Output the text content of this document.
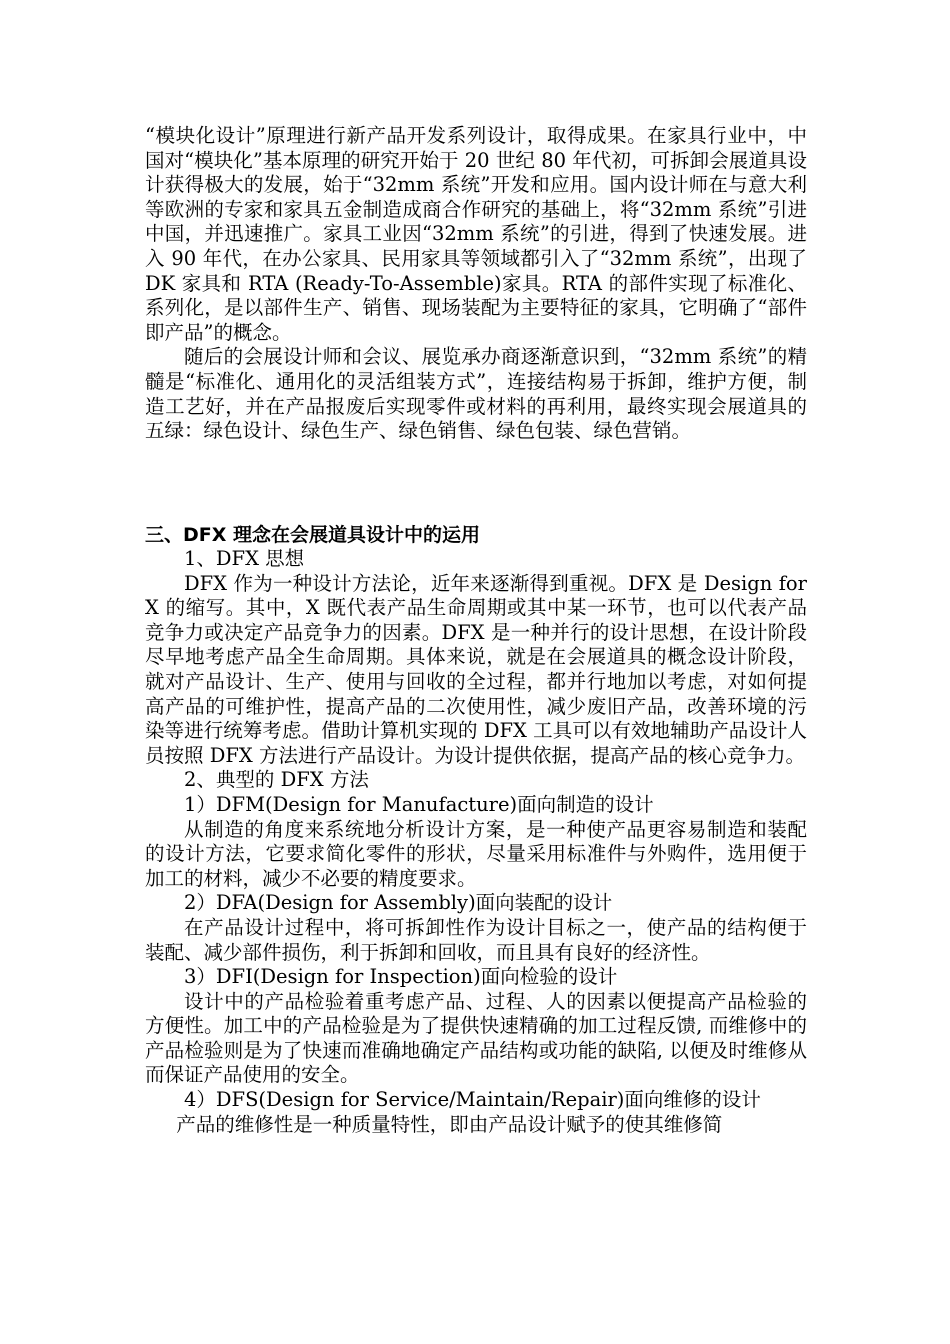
“模块化设计”原理进行新产品开发系列设计，取得成果。在家具行业中，中国对“模块化”基本原理的研究开始于 20 世纪 80 年代初，可拆卸会展道具设计获得极大的发展，始于“32mm 系统”开发和应用。国内设计师在与意大利等欧洲的专家和家具五金制造成商合作研究的基础上，将“32mm 系统”引进中国，并迅速推广。家具工业因“32mm 系统”的引进，得到了快速发展。进入 90 年代，在办公家具、民用家具等领域都引入了“32mm 系统”，出现了 DK 家具和 RTA (Ready-To-Assemble)家具。RTA 的部件实现了标准化、系列化，是以部件生产、销售、现场装配为主要特征的家具，它明确了“部件即产品”的概念。

随后的会展设计师和会议、展览承办商逐渐意识到，“32mm 系统”的精髓是“标准化、通用化的灵活组装方式”，连接结构易于拆卸，维护方便，制造工艺好，并在产品报废后实现零件或材料的再利用，最终实现会展道具的五绿：绿色设计、绿色生产、绿色销售、绿色包装、绿色营销。

三、DFX 理念在会展道具设计中的运用

1、DFX 思想

DFX 作为一种设计方法论，近年来逐渐得到重视。DFX 是 Design for X 的缩写。其中，X 既代表产品生命周期或其中某一环节，也可以代表产品竞争力或决定产品竞争力的因素。DFX 是一种并行的设计思想，在设计阶段尽早地考虑产品全生命周期。具体来说，就是在会展道具的概念设计阶段，就对产品设计、生产、使用与回收的全过程，都并行地加以考虑，对如何提高产品的可维护性，提高产品的二次使用性，减少废旧产品，改善环境的污染等进行统筹考虑。借助计算机实现的 DFX 工具可以有效地辅助产品设计人员按照 DFX 方法进行产品设计。为设计提供依据，提高产品的核心竞争力。

2、典型的 DFX 方法

1）DFM(Design for Manufacture)面向制造的设计

从制造的角度来系统地分析设计方案，是一种使产品更容易制造和装配的设计方法，它要求简化零件的形状，尽量采用标准件与外购件，选用便于加工的材料，减少不必要的精度要求。

2）DFA(Design for Assembly)面向装配的设计

在产品设计过程中，将可拆卸性作为设计目标之一，使产品的结构便于装配、减少部件损伤，利于拆卸和回收，而且具有良好的经济性。

3）DFI(Design for Inspection)面向检验的设计

设计中的产品检验着重考虑产品、过程、人的因素以便提高产品检验的方便性。加工中的产品检验是为了提供快速精确的加工过程反馈, 而维修中的产品检验则是为了快速而准确地确定产品结构或功能的缺陷, 以便及时维修从而保证产品使用的安全。

4）DFS(Design for Service/Maintain/Repair)面向维修的设计

产品的维修性是一种质量特性，即由产品设计赋予的使其维修简
